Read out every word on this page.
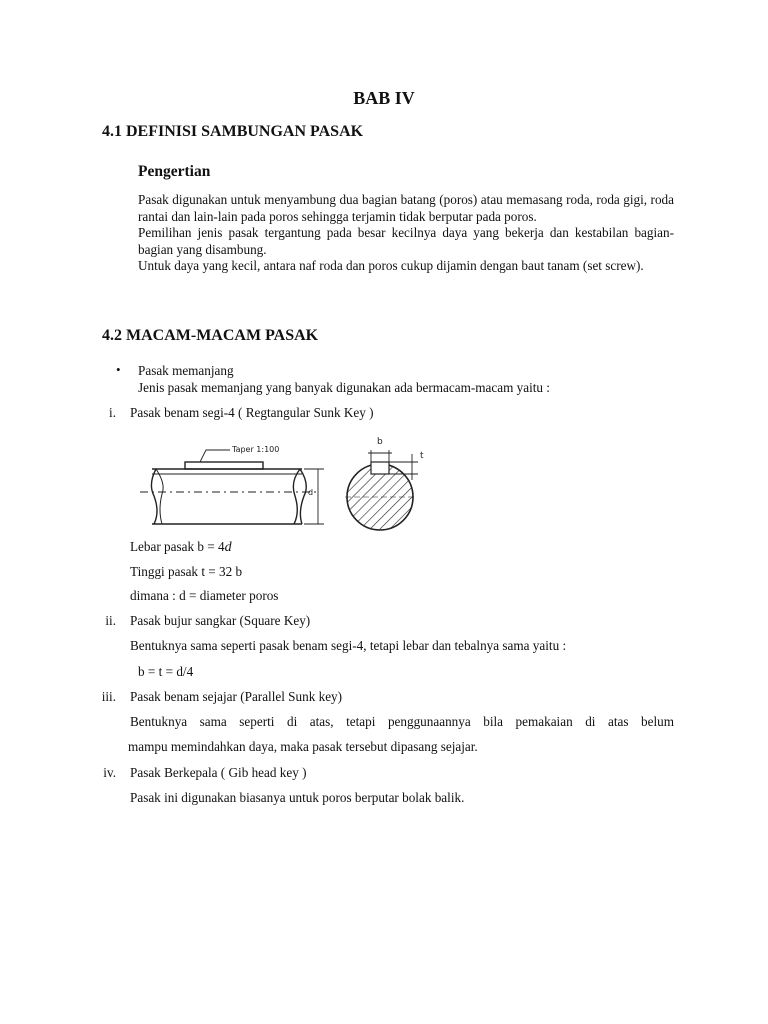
BAB IV
4.1 DEFINISI SAMBUNGAN PASAK
Pengertian

Pasak digunakan untuk menyambung dua bagian batang (poros) atau memasang roda, roda gigi, roda rantai dan lain-lain pada poros sehingga terjamin tidak berputar pada poros.

Pemilihan jenis pasak tergantung pada besar kecilnya daya yang bekerja dan kestabilan bagian-bagian yang disambung.

Untuk daya yang kecil, antara naf roda dan poros cukup dijamin dengan baut tanam (set screw).

4.2 MACAM-MACAM PASAK
• Pasak memanjang
Jenis pasak memanjang yang banyak digunakan ada bermacam-macam yaitu :
i. Pasak benam segi-4 ( Regtangular Sunk Key )
Taper 1:100
d
b
t
Lebar pasak b = 4d
Tinggi pasak t = 32 b
dimana : d = diameter poros
ii. Pasak bujur sangkar (Square Key)
Bentuknya sama seperti pasak benam segi-4, tetapi lebar dan tebalnya sama yaitu :
b = t = d/4
iii. Pasak benam sejajar (Parallel Sunk key)
Bentuknya sama seperti di atas, tetapi penggunaannya bila pemakaian di atas belum
mampu memindahkan daya, maka pasak tersebut dipasang sejajar.
iv. Pasak Berkepala ( Gib head key )
Pasak ini digunakan biasanya untuk poros berputar bolak balik.
